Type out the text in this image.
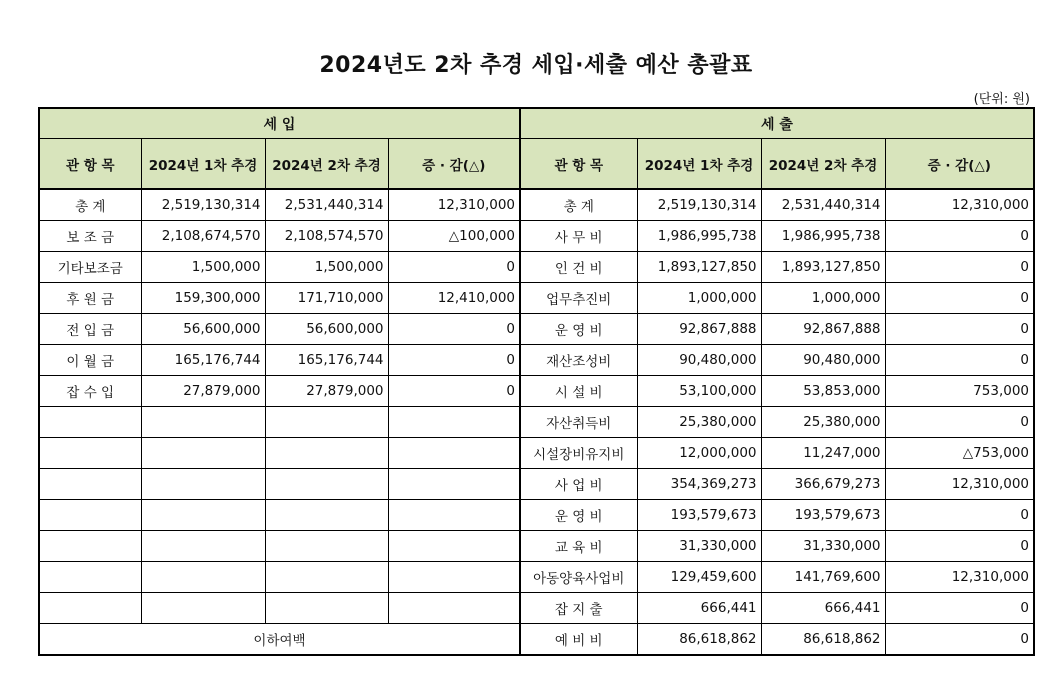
2024년도 2차 추경 세입·세출 예산 총괄표
(단위: 원)
세 입			
관 항 목	2024년 1차 추경	2024년 2차 추경	증 · 감(△)
총 계	2,519,130,314	2,531,440,314	12,310,000
보 조 금	2,108,674,570	2,108,574,570	△100,000
기타보조금	1,500,000	1,500,000	0
후 원 금	159,300,000	171,710,000	12,410,000
전 입 금	56,600,000	56,600,000	0
이 월 금	165,176,744	165,176,744	0
잡 수 입	27,879,000	27,879,000	0

이하여백			
세 출			
관 항 목	2024년 1차 추경	2024년 2차 추경	증 · 감(△)
총 계	2,519,130,314	2,531,440,314	12,310,000
사 무 비	1,986,995,738	1,986,995,738	0
인 건 비	1,893,127,850	1,893,127,850	0
업무추진비	1,000,000	1,000,000	0
운 영 비	92,867,888	92,867,888	0
재산조성비	90,480,000	90,480,000	0
시 설 비	53,100,000	53,853,000	753,000
자산취득비	25,380,000	25,380,000	0
시설장비유지비	12,000,000	11,247,000	△753,000
사 업 비	354,369,273	366,679,273	12,310,000
운 영 비	193,579,673	193,579,673	0
교 육 비	31,330,000	31,330,000	0
아동양육사업비	129,459,600	141,769,600	12,310,000
잡 지 출	666,441	666,441	0
예 비 비	86,618,862	86,618,862	0
